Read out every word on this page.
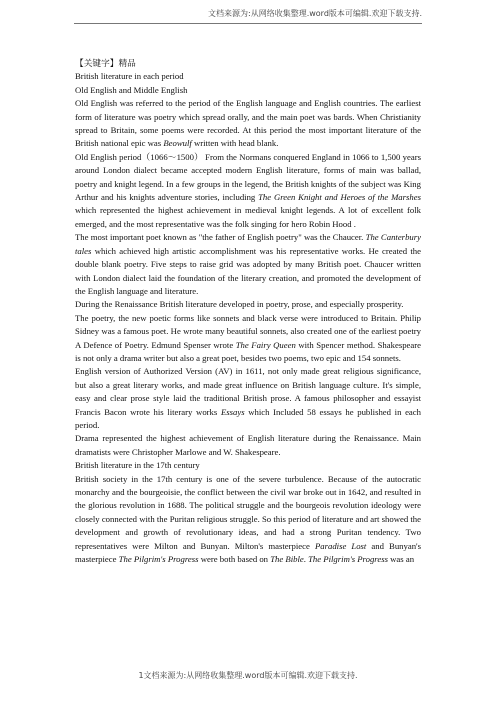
文档来源为:从网络收集整理.word版本可编辑.欢迎下载支持.

【关键字】精品

British literature in each period

Old English and Middle English

Old English was referred to the period of the English language and English countries. The earliest form of literature was poetry which spread orally, and the main poet was bards. When Christianity spread to Britain, some poems were recorded. At this period the most important literature of the British national epic was Beowulf written with head blank.

Old English period（1066～1500） From the Normans conquered England in 1066 to 1,500 years around London dialect became accepted modern English literature, forms of main was ballad, poetry and knight legend. In a few groups in the legend, the British knights of the subject was King Arthur and his knights adventure stories, including The Green Knight and Heroes of the Marshes which represented the highest achievement in medieval knight legends. A lot of excellent folk emerged, and the most representative was the folk singing for hero Robin Hood .

The most important poet known as "the father of English poetry" was the Chaucer. The Canterbury tales which achieved high artistic accomplishment was his representative works. He created the double blank poetry. Five steps to raise grid was adopted by many British poet. Chaucer written with London dialect laid the foundation of the literary creation, and promoted the development of the English language and literature.

During the Renaissance British literature developed in poetry, prose, and especially prosperity.

The poetry, the new poetic forms like sonnets and black verse were introduced to Britain. Philip Sidney was a famous poet. He wrote many beautiful sonnets, also created one of the earliest poetry A Defence of Poetry. Edmund Spenser wrote The Fairy Queen with Spencer method. Shakespeare is not only a drama writer but also a great poet, besides two poems, two epic and 154 sonnets.

English version of Authorized Version (AV) in 1611, not only made great religious significance, but also a great literary works, and made great influence on British language culture. It's simple, easy and clear prose style laid the traditional British prose. A famous philosopher and essayist Francis Bacon wrote his literary works Essays which Included 58 essays he published in each period.

Drama represented the highest achievement of English literature during the Renaissance. Main dramatists were Christopher Marlowe and W. Shakespeare.

British literature in the 17th century

British society in the 17th century is one of the severe turbulence. Because of the autocratic monarchy and the bourgeoisie, the conflict between the civil war broke out in 1642, and resulted in the glorious revolution in 1688. The political struggle and the bourgeois revolution ideology were closely connected with the Puritan religious struggle. So this period of literature and art showed the development and growth of revolutionary ideas, and had a strong Puritan tendency. Two representatives were Milton and Bunyan. Milton's masterpiece Paradise Lost and Bunyan's masterpiece The Pilgrim's Progress were both based on The Bible. The Pilgrim's Progress was an

1文档来源为:从网络收集整理.word版本可编辑.欢迎下载支持.
